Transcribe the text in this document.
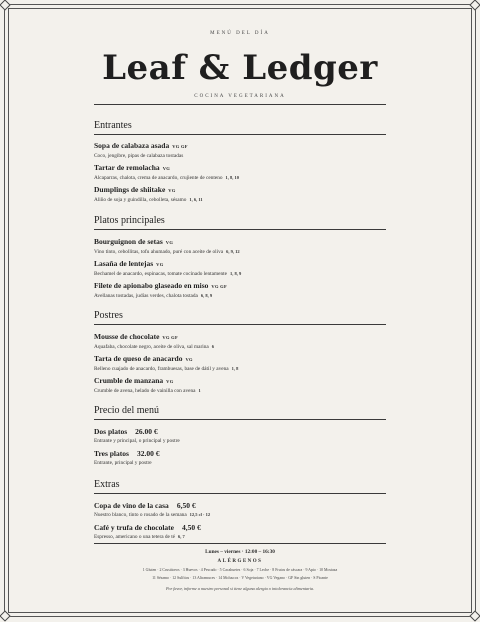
MENÚ DEL DÍA
Leaf & Ledger
COCINA VEGETARIANA
Entrantes
Sopa de calabaza asada VG GF
Coco, jengibre, pipas de calabaza tostadas
Tartar de remolacha VG
Alcaparras, chalota, crema de anacardo, crujiente de centeno 1, 8, 10
Dumplings de shiitake VG
Aliño de soja y guindilla, cebolleta, sésamo 1, 6, 11
Platos principales
Bourguignon de setas VG
Vino tinto, cebollitas, tofu ahumado, puré con aceite de oliva 6, 9, 12
Lasaña de lentejas VG
Bechamel de anacardo, espinacas, tomate cocinado lentamente 1, 8, 9
Filete de apionabo glaseado en miso VG GF
Avellanas tostadas, judías verdes, chalota tostada 6, 8, 9
Postres
Mousse de chocolate VG GF
Aquafaba, chocolate negro, aceite de oliva, sal marina 6
Tarta de queso de anacardo VG
Relleno cuajado de anacardo, frambuesas, base de dátil y avena 1, 8
Crumble de manzana VG
Crumble de avena, helado de vainilla con avena 1
Precio del menú
Dos platos 26.00 €
Entrante y principal, o principal y postre
Tres platos 32.00 €
Entrante, principal y postre
Extras
Copa de vino de la casa 6,50 €
Nuestro blanco, tinto o rosado de la semana 12,5 cl · 12
Café y trufa de chocolate 4,50 €
Espresso, americano o una tetera de té 6, 7
Lunes – viernes · 12:00 – 16:30
ALÉRGENOS
1 Gluten · 2 Crustáceos · 3 Huevos · 4 Pescado · 5 Cacahuetes · 6 Soja · 7 Leche · 8 Frutos de cáscara · 9 Apio · 10 Mostaza
11 Sésamo · 12 Sulfitos · 13 Altramuces · 14 Moluscos · V Vegetariano · VG Vegano · GF Sin gluten · S Picante
Por favor, informe a nuestro personal si tiene alguna alergia o intolerancia alimentaria.
